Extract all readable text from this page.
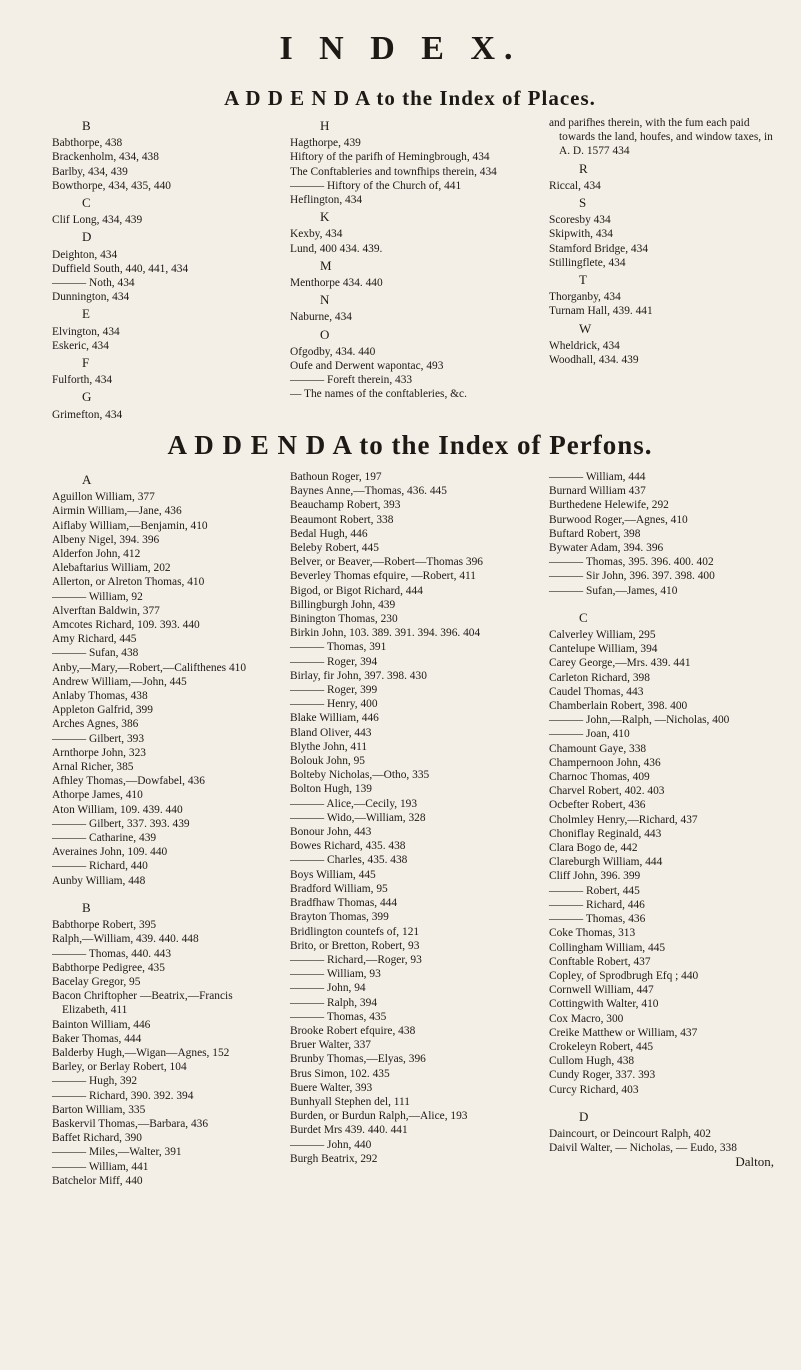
I N D E X.
A D D E N D A to the Index of Places.
B
Babthorpe, 438
Brackenholm, 434, 438
Barlby, 434, 439
Bowthorpe, 434, 435, 440
C
Clif Long, 434, 439
D
Deighton, 434
Duffield South, 440, 441, 434
——— Noth, 434
Dunnington, 434
E
Elvington, 434
Eskeric, 434
F
Fulforth, 434
G
Grimefton, 434
H
Hagthorpe, 439
Hiftory of the parifh of Hemingbrough, 434
The Conftableries and townfhips therein, 434
——— Hiftory of the Church of, 441
Heflington, 434
K
Kexby, 434
Lund, 400 434. 439.
M
Menthorpe 434. 440
N
Naburne, 434
O
Ofgodby, 434. 440
Oufe and Derwent wapontac, 493
——— Foreft therein, 433
— The names of the conftableries, &c.
and parifhes therein, with the fum each paid towards the land, houfes, and window taxes, in A. D. 1577 434
R
Riccal, 434
S
Scoresby 434
Skipwith, 434
Stamford Bridge, 434
Stillingflete, 434
T
Thorganby, 434
Turnam Hall, 439. 441
W
Wheldrick, 434
Woodhall, 434. 439
A D D E N D A to the Index of Perfons.
A
Aguillon William, 377
Airmin William,—Jane, 436
Aiflaby William,—Benjamin, 410
Albeny Nigel, 394. 396
Alderfon John, 412
Alebaftarius William, 202
Allerton, or Alreton Thomas, 410
——— William, 92
Alverftan Baldwin, 377
Amcotes Richard, 109. 393. 440
Amy Richard, 445
——— Sufan, 438
Anby,—Mary,—Robert,—Califthenes 410
Andrew William,—John, 445
Anlaby Thomas, 438
Appleton Galfrid, 399
Arches Agnes, 386
——— Gilbert, 393
Arnthorpe John, 323
Arnal Richer, 385
Afhley Thomas,—Dowfabel, 436
Athorpe James, 410
Aton William, 109. 439. 440
——— Gilbert, 337. 393. 439
——— Catharine, 439
Averaines John, 109. 440
——— Richard, 440
Aunby William, 448
B
Babthorpe Robert, 395
Ralph,—William, 439. 440. 448
——— Thomas, 440. 443
Babthorpe Pedigree, 435
Bacelay Gregor, 95
Bacon Chriftopher —Beatrix,—Francis Elizabeth, 411
Bainton William, 446
Baker Thomas, 444
Balderby Hugh,—Wigan—Agnes, 152
Barley, or Berlay Robert, 104
——— Hugh, 392
——— Richard, 390. 392. 394
Barton William, 335
Baskervil Thomas,—Barbara, 436
Baffet Richard, 390
——— Miles,—Walter, 391
——— William, 441
Batchelor Miff, 440
Bathoun Roger, 197
Baynes Anne,—Thomas, 436. 445
Beauchamp Robert, 393
Beaumont Robert, 338
Bedal Hugh, 446
Beleby Robert, 445
Belver, or Beaver,—Robert—Thomas 396
Beverley Thomas efquire, —Robert, 411
Bigod, or Bigot Richard, 444
Billingburgh John, 439
Binington Thomas, 230
Birkin John, 103. 389. 391. 394. 396. 404
——— Thomas, 391
——— Roger, 394
Birlay, fir John, 397. 398. 430
——— Roger, 399
——— Henry, 400
Blake William, 446
Bland Oliver, 443
Blythe John, 411
Bolouk John, 95
Bolteby Nicholas,—Otho, 335
Bolton Hugh, 139
——— Alice,—Cecily, 193
——— Wido,—William, 328
Bonour John, 443
Bowes Richard, 435. 438
——— Charles, 435. 438
Boys William, 445
Bradford William, 95
Bradfhaw Thomas, 444
Brayton Thomas, 399
Bridlington countefs of, 121
Brito, or Bretton, Robert, 93
——— Richard,—Roger, 93
——— William, 93
——— John, 94
——— Ralph, 394
——— Thomas, 435
Brooke Robert efquire, 438
Bruer Walter, 337
Brunby Thomas,—Elyas, 396
Brus Simon, 102. 435
Buere Walter, 393
Bunhyall Stephen del, 111
Burden, or Burdun Ralph,—Alice, 193
Burdet Mrs 439. 440. 441
——— John, 440
Burgh Beatrix, 292
——— William, 444
Burnard William 437
Burthedene Helewife, 292
Burwood Roger,—Agnes, 410
Buftard Robert, 398
Bywater Adam, 394. 396
——— Thomas, 395. 396. 400. 402
——— Sir John, 396. 397. 398. 400
——— Sufan,—James, 410
C
Calverley William, 295
Cantelupe William, 394
Carey George,—Mrs. 439. 441
Carleton Richard, 398
Caudel Thomas, 443
Chamberlain Robert, 398. 400
——— John,—Ralph, —Nicholas, 400
——— Joan, 410
Chamount Gaye, 338
Champernoon John, 436
Charnoc Thomas, 409
Charvel Robert, 402. 403
Ocbefter Robert, 436
Cholmley Henry,—Richard, 437
Choniflay Reginald, 443
Clara Bogo de, 442
Clareburgh William, 444
Cliff John, 396. 399
——— Robert, 445
——— Richard, 446
——— Thomas, 436
Coke Thomas, 313
Collingham William, 445
Conftable Robert, 437
Copley, of Sprodbrugh Efq ; 440
Cornwell William, 447
Cottingwith Walter, 410
Cox Macro, 300
Creike Matthew or William, 437
Crokeleyn Robert, 445
Cullom Hugh, 438
Cundy Roger, 337. 393
Curcy Richard, 403
D
Daincourt, or Deincourt Ralph, 402
Daivil Walter, — Nicholas, — Eudo, 338
Dalton,
